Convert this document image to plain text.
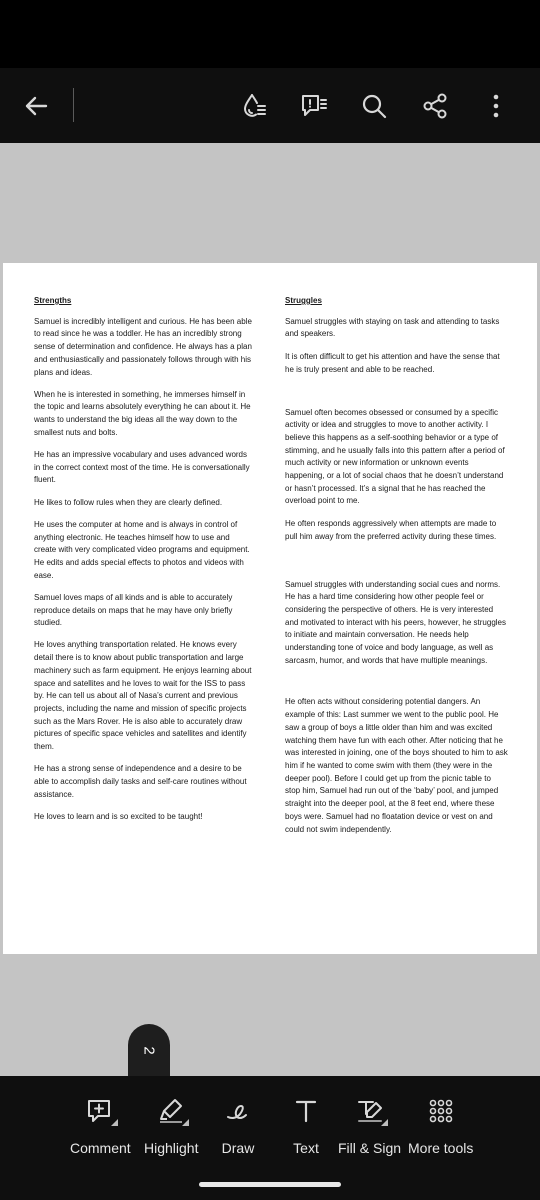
Strengths

Samuel is incredibly intelligent and curious. He has been able to read since he was a toddler. He has an incredibly strong sense of determination and confidence. He always has a plan and enthusiastically and passionately follows through with his plans and ideas.

When he is interested in something, he immerses himself in the topic and learns absolutely everything he can about it. He wants to understand the big ideas all the way down to the smallest nuts and bolts.

He has an impressive vocabulary and uses advanced words in the correct context most of the time. He is conversationally fluent.

He likes to follow rules when they are clearly defined.

He uses the computer at home and is always in control of anything electronic. He teaches himself how to use and create with very complicated video programs and equipment. He edits and adds special effects to photos and videos with ease.

Samuel loves maps of all kinds and is able to accurately reproduce details on maps that he may have only briefly studied.

He loves anything transportation related. He knows every detail there is to know about public transportation and large machinery such as farm equipment. He enjoys learning about space and satellites and he loves to wait for the ISS to pass by. He can tell us about all of Nasa’s current and previous projects, including the name and mission of specific projects such as the Mars Rover. He is also able to accurately draw pictures of specific space vehicles and satellites and identify them.

He has a strong sense of independence and a desire to be able to accomplish daily tasks and self-care routines without assistance.

He loves to learn and is so excited to be taught!

Struggles

Samuel struggles with staying on task and attending to tasks and speakers.

It is often difficult to get his attention and have the sense that he is truly present and able to be reached.

Samuel often becomes obsessed or consumed by a specific activity or idea and struggles to move to another activity. I believe this happens as a self-soothing behavior or a type of stimming, and he usually falls into this pattern after a period of much activity or new information or unknown events happening, or a lot of social chaos that he doesn’t understand or hasn’t processed. It’s a signal that he has reached the overload point to me.

He often responds aggressively when attempts are made to pull him away from the preferred activity during these times.

Samuel struggles with understanding social cues and norms. He has a hard time considering how other people feel or considering the perspective of others. He is very interested and motivated to interact with his peers, however, he struggles to initiate and maintain conversation. He needs help understanding tone of voice and body language, as well as sarcasm, humor, and words that have multiple meanings.

He often acts without considering potential dangers. An example of this: Last summer we went to the public pool. He saw a group of boys a little older than him and was excited watching them have fun with each other. After noticing that he was interested in joining, one of the boys shouted to him to ask him if he wanted to come swim with them (they were in the deeper pool). Before I could get up from the picnic table to stop him, Samuel had run out of the ‘baby’ pool, and jumped straight into the deeper pool, at the 8 feet end, where these boys were. Samuel had no floatation device or vest on and could not swim independently.

2
Comment Highlight Draw	Text Fill & Sign More tools
